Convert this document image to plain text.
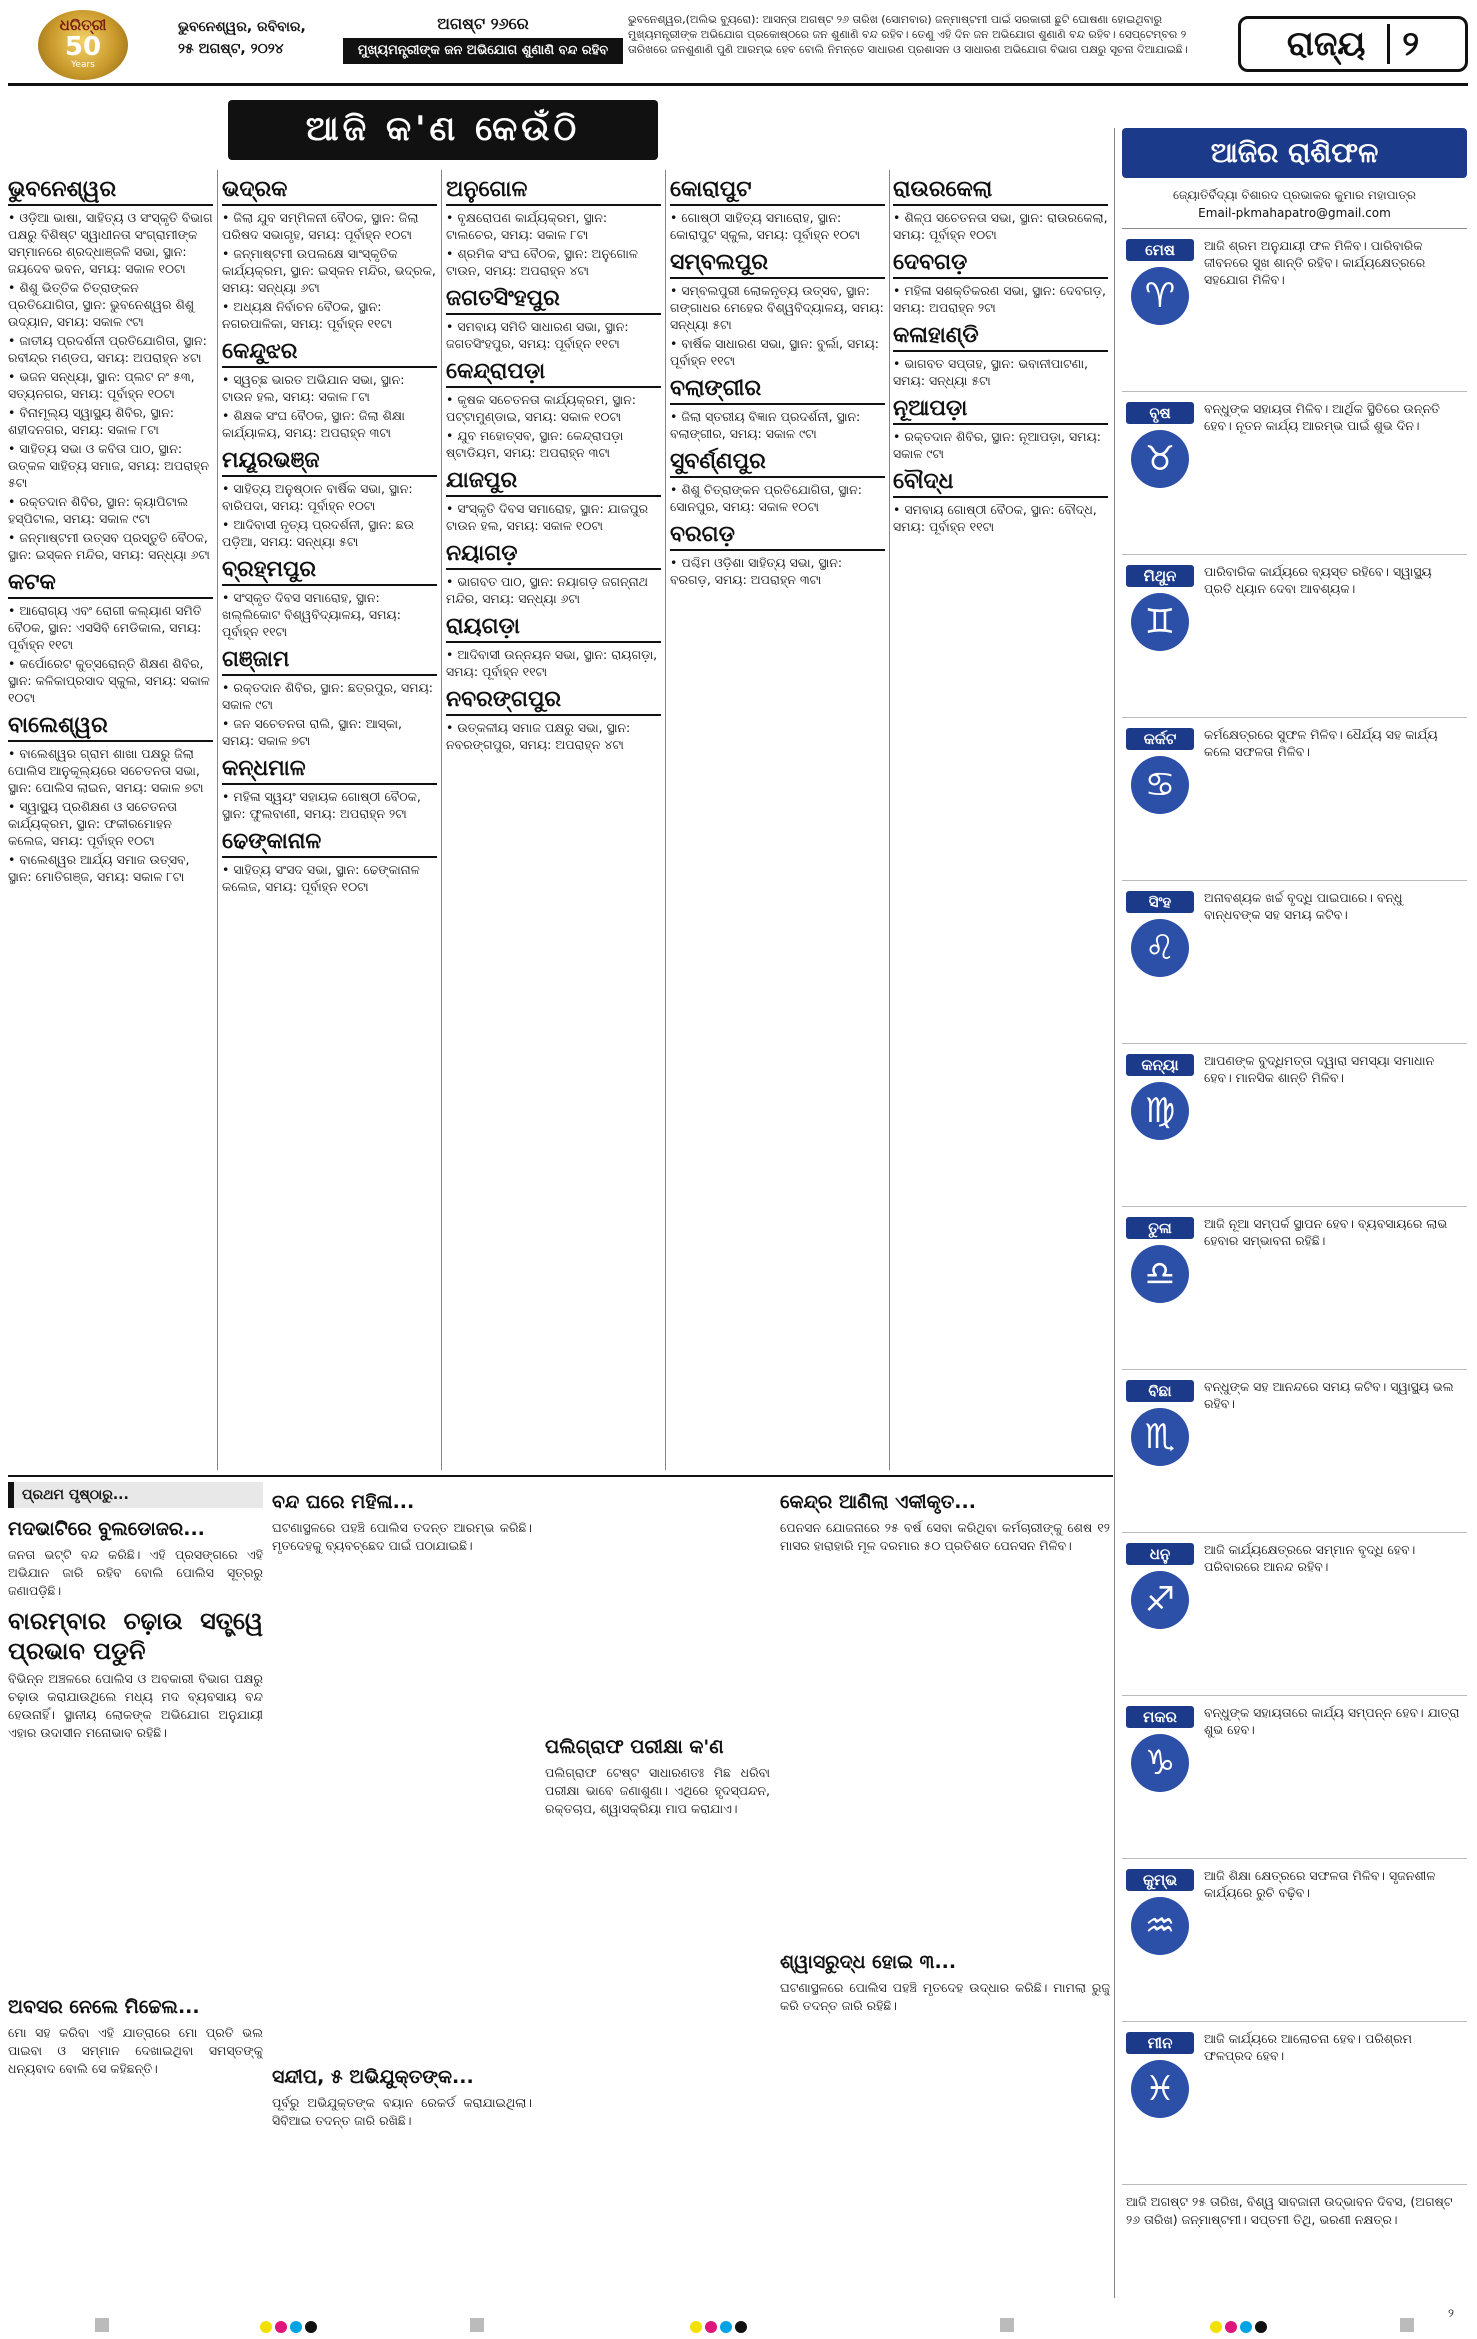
ଧରିତ୍ରୀ
50
Years
ଭୁବନେଶ୍ୱର, ରବିବାର,
୨୫ ଅଗଷ୍ଟ, ୨୦୨୪
ଅଗଷ୍ଟ ୨୬ରେ
ମୁଖ୍ୟମନ୍ତ୍ରୀଙ୍କ ଜନ ଅଭିଯୋଗ ଶୁଣାଣି ବନ୍ଦ ରହିବ
ଭୁବନେଶ୍ୱର,(ଅଲିଭ ବ୍ୟୁରୋ): ଆସନ୍ତା ଅଗଷ୍ଟ ୨୬ ତାରିଖ (ସୋମବାର) ଜନ୍ମାଷ୍ଟମୀ ପାଇଁ ସରକାରୀ ଛୁଟି ଘୋଷଣା ହୋଇଥିବାରୁ ମୁଖ୍ୟମନ୍ତ୍ରୀଙ୍କ ଅଭିଯୋଗ ପ୍ରକୋଷ୍ଠରେ ଜନ ଶୁଣାଣି ବନ୍ଦ ରହିବ। ତେଣୁ ଏହି ଦିନ ଜନ ଅଭିଯୋଗ ଶୁଣାଣି ବନ୍ଦ ରହିବ। ସେପ୍ଟେମ୍ବର ୨ ତାରିଖରେ ଜନଶୁଣାଣି ପୁଣି ଆରମ୍ଭ ହେବ ବୋଲି ନିମନ୍ତେ ସାଧାରଣ ପ୍ରଶାସନ ଓ ସାଧାରଣ ଅଭିଯୋଗ ବିଭାଗ ପକ୍ଷରୁ ସୂଚନା ଦିଆଯାଇଛି।	ରାଜ୍ୟ ୨
ଆଜି କ'ଣ କେଉଁଠି
ଭୁବନେଶ୍ୱର

• ଓଡ଼ିଆ ଭାଷା, ସାହିତ୍ୟ ଓ ସଂସ୍କୃତି ବିଭାଗ ପକ୍ଷରୁ ବିଶିଷ୍ଟ ସ୍ୱାଧୀନତା ସଂଗ୍ରାମୀଙ୍କ ସମ୍ମାନରେ ଶ୍ରଦ୍ଧାଞ୍ଜଳି ସଭା, ସ୍ଥାନ: ଜୟଦେବ ଭବନ, ସମୟ: ସକାଳ ୧୦ଟା

• ଶିଶୁ ଭିତ୍ତିକ ଚିତ୍ରାଙ୍କନ ପ୍ରତିଯୋଗିତା, ସ୍ଥାନ: ଭୁବନେଶ୍ୱର ଶିଶୁ ଉଦ୍ୟାନ, ସମୟ: ସକାଳ ୯ଟା

• ଜାତୀୟ ପ୍ରଦର୍ଶନୀ ପ୍ରତିଯୋଗିତା, ସ୍ଥାନ: ରବୀନ୍ଦ୍ର ମଣ୍ଡପ, ସମୟ: ଅପରାହ୍ନ ୪ଟା

• ଭଜନ ସନ୍ଧ୍ୟା, ସ୍ଥାନ: ପ୍ଲଟ ନଂ ୫୩, ସତ୍ୟନଗର, ସମୟ: ପୂର୍ବାହ୍ନ ୧୦ଟା

• ବିନାମୂଲ୍ୟ ସ୍ୱାସ୍ଥ୍ୟ ଶିବିର, ସ୍ଥାନ: ଶହୀଦନଗର, ସମୟ: ସକାଳ ୮ଟା

• ସାହିତ୍ୟ ସଭା ଓ କବିତା ପାଠ, ସ୍ଥାନ: ଉତ୍କଳ ସାହିତ୍ୟ ସମାଜ, ସମୟ: ଅପରାହ୍ନ ୫ଟା

• ରକ୍ତଦାନ ଶିବିର, ସ୍ଥାନ: କ୍ୟାପିଟାଲ ହସ୍ପିଟାଲ, ସମୟ: ସକାଳ ୯ଟା

• ଜନ୍ମାଷ୍ଟମୀ ଉତ୍ସବ ପ୍ରସ୍ତୁତି ବୈଠକ, ସ୍ଥାନ: ଇସ୍କନ ମନ୍ଦିର, ସମୟ: ସନ୍ଧ୍ୟା ୬ଟା

କଟକ

• ଆରୋଗ୍ୟ ଏବଂ ରୋଗୀ କଲ୍ୟାଣ ସମିତି ବୈଠକ, ସ୍ଥାନ: ଏସସିବି ମେଡିକାଲ, ସମୟ: ପୂର୍ବାହ୍ନ ୧୧ଟା

• କର୍ପୋରେଟ କୁତ୍ସରୋନ୍ତି ଶିକ୍ଷଣ ଶିବିର, ସ୍ଥାନ: କଳିକାପ୍ରସାଦ ସ୍କୁଲ, ସମୟ: ସକାଳ ୧୦ଟା

ବାଲେଶ୍ୱର

• ବାଲେଶ୍ୱର ଗ୍ରାମ ଶାଖା ପକ୍ଷରୁ ଜିଲା ପୋଲିସ ଆନୁକୂଲ୍ୟରେ ସଚେତନତା ସଭା, ସ୍ଥାନ: ପୋଲିସ ଲାଇନ, ସମୟ: ସକାଳ ୭ଟା

• ସ୍ୱାସ୍ଥ୍ୟ ପ୍ରଶିକ୍ଷଣ ଓ ସଚେତନତା କାର୍ଯ୍ୟକ୍ରମ, ସ୍ଥାନ: ଫକୀରମୋହନ କଲେଜ, ସମୟ: ପୂର୍ବାହ୍ନ ୧୦ଟା

• ବାଲେଶ୍ୱର ଆର୍ଯ୍ୟ ସମାଜ ଉତ୍ସବ, ସ୍ଥାନ: ମୋତିଗଞ୍ଜ, ସମୟ: ସକାଳ ୮ଟା

ଭଦ୍ରକ

• ଜିଲା ଯୁବ ସମ୍ମିଳନୀ ବୈଠକ, ସ୍ଥାନ: ଜିଲା ପରିଷଦ ସଭାଗୃହ, ସମୟ: ପୂର୍ବାହ୍ନ ୧୦ଟା

• ଜନ୍ମାଷ୍ଟମୀ ଉପଲକ୍ଷେ ସାଂସ୍କୃତିକ କାର୍ଯ୍ୟକ୍ରମ, ସ୍ଥାନ: ଇସ୍କନ ମନ୍ଦିର, ଭଦ୍ରକ, ସମୟ: ସନ୍ଧ୍ୟା ୬ଟା

• ଅଧ୍ୟକ୍ଷ ନିର୍ବାଚନ ବୈଠକ, ସ୍ଥାନ: ନଗରପାଳିକା, ସମୟ: ପୂର୍ବାହ୍ନ ୧୧ଟା

କେନ୍ଦୁଝର

• ସ୍ୱଚ୍ଛ ଭାରତ ଅଭିଯାନ ସଭା, ସ୍ଥାନ: ଟାଉନ ହଲ, ସମୟ: ସକାଳ ୮ଟା

• ଶିକ୍ଷକ ସଂଘ ବୈଠକ, ସ୍ଥାନ: ଜିଲା ଶିକ୍ଷା କାର୍ଯ୍ୟାଳୟ, ସମୟ: ଅପରାହ୍ନ ୩ଟା

ମୟୂରଭଞ୍ଜ

• ସାହିତ୍ୟ ଅନୁଷ୍ଠାନ ବାର୍ଷିକ ସଭା, ସ୍ଥାନ: ବାରିପଦା, ସମୟ: ପୂର୍ବାହ୍ନ ୧୦ଟା

• ଆଦିବାସୀ ନୃତ୍ୟ ପ୍ରଦର୍ଶନୀ, ସ୍ଥାନ: ଛଉ ପଡ଼ିଆ, ସମୟ: ସନ୍ଧ୍ୟା ୫ଟା

ବ୍ରହ୍ମପୁର

• ସଂସ୍କୃତ ଦିବସ ସମାରୋହ, ସ୍ଥାନ: ଖଲ୍ଲିକୋଟ ବିଶ୍ୱବିଦ୍ୟାଳୟ, ସମୟ: ପୂର୍ବାହ୍ନ ୧୧ଟା

ଗଞ୍ଜାମ

• ରକ୍ତଦାନ ଶିବିର, ସ୍ଥାନ: ଛତ୍ରପୁର, ସମୟ: ସକାଳ ୯ଟା

• ଜନ ସଚେତନତା ରାଲି, ସ୍ଥାନ: ଆସ୍କା, ସମୟ: ସକାଳ ୭ଟା

କନ୍ଧମାଳ

• ମହିଳା ସ୍ୱୟଂ ସହାୟକ ଗୋଷ୍ଠୀ ବୈଠକ, ସ୍ଥାନ: ଫୁଲବାଣୀ, ସମୟ: ଅପରାହ୍ନ ୨ଟା

ଢେଙ୍କାନାଳ

• ସାହିତ୍ୟ ସଂସଦ ସଭା, ସ୍ଥାନ: ଢେଙ୍କାନାଳ କଲେଜ, ସମୟ: ପୂର୍ବାହ୍ନ ୧୦ଟା

ଅନୁଗୋଳ

• ବୃକ୍ଷରୋପଣ କାର୍ଯ୍ୟକ୍ରମ, ସ୍ଥାନ: ଟାଲଚେର, ସମୟ: ସକାଳ ୮ଟା

• ଶ୍ରମିକ ସଂଘ ବୈଠକ, ସ୍ଥାନ: ଅନୁଗୋଳ ଟାଉନ, ସମୟ: ଅପରାହ୍ନ ୪ଟା

ଜଗତସିଂହପୁର

• ସମବାୟ ସମିତି ସାଧାରଣ ସଭା, ସ୍ଥାନ: ଜଗତସିଂହପୁର, ସମୟ: ପୂର୍ବାହ୍ନ ୧୧ଟା

କେନ୍ଦ୍ରାପଡ଼ା

• କୃଷକ ସଚେତନତା କାର୍ଯ୍ୟକ୍ରମ, ସ୍ଥାନ: ପଟ୍ଟାମୁଣ୍ଡାଇ, ସମୟ: ସକାଳ ୧୦ଟା

• ଯୁବ ମହୋତ୍ସବ, ସ୍ଥାନ: କେନ୍ଦ୍ରାପଡ଼ା ଷ୍ଟାଡିୟମ, ସମୟ: ଅପରାହ୍ନ ୩ଟା

ଯାଜପୁର

• ସଂସ୍କୃତି ଦିବସ ସମାରୋହ, ସ୍ଥାନ: ଯାଜପୁର ଟାଉନ ହଲ, ସମୟ: ସକାଳ ୧୦ଟା

ନୟାଗଡ଼

• ଭାଗବତ ପାଠ, ସ୍ଥାନ: ନୟାଗଡ଼ ଜଗନ୍ନାଥ ମନ୍ଦିର, ସମୟ: ସନ୍ଧ୍ୟା ୬ଟା

ରାୟଗଡ଼ା

• ଆଦିବାସୀ ଉନ୍ନୟନ ସଭା, ସ୍ଥାନ: ରାୟଗଡ଼ା, ସମୟ: ପୂର୍ବାହ୍ନ ୧୧ଟା

ନବରଙ୍ଗପୁର

• ଉତ୍କଳୀୟ ସମାଜ ପକ୍ଷରୁ ସଭା, ସ୍ଥାନ: ନବରଙ୍ଗପୁର, ସମୟ: ଅପରାହ୍ନ ୪ଟା

କୋରାପୁଟ

• ଗୋଷ୍ଠୀ ସାହିତ୍ୟ ସମାରୋହ, ସ୍ଥାନ: କୋରାପୁଟ ସ୍କୁଲ, ସମୟ: ପୂର୍ବାହ୍ନ ୧୦ଟା

ସମ୍ବଲପୁର

• ସମ୍ବଲପୁରୀ ଲୋକନୃତ୍ୟ ଉତ୍ସବ, ସ୍ଥାନ: ଗଙ୍ଗାଧର ମେହେର ବିଶ୍ୱବିଦ୍ୟାଳୟ, ସମୟ: ସନ୍ଧ୍ୟା ୫ଟା

• ବାର୍ଷିକ ସାଧାରଣ ସଭା, ସ୍ଥାନ: ବୁର୍ଲା, ସମୟ: ପୂର୍ବାହ୍ନ ୧୧ଟା

ବଲାଙ୍ଗୀର

• ଜିଲା ସ୍ତରୀୟ ବିଜ୍ଞାନ ପ୍ରଦର୍ଶନୀ, ସ୍ଥାନ: ବଲାଙ୍ଗୀର, ସମୟ: ସକାଳ ୯ଟା

ସୁବର୍ଣ୍ଣପୁର

• ଶିଶୁ ଚିତ୍ରାଙ୍କନ ପ୍ରତିଯୋଗିତା, ସ୍ଥାନ: ସୋନପୁର, ସମୟ: ସକାଳ ୧୦ଟା

ବରଗଡ଼

• ପଶ୍ଚିମ ଓଡ଼ିଶା ସାହିତ୍ୟ ସଭା, ସ୍ଥାନ: ବରଗଡ଼, ସମୟ: ଅପରାହ୍ନ ୩ଟା

ରାଉରକେଲା

• ଶିଳ୍ପ ସଚେତନତା ସଭା, ସ୍ଥାନ: ରାଉରକେଲା, ସମୟ: ପୂର୍ବାହ୍ନ ୧୦ଟା

ଦେବଗଡ଼

• ମହିଳା ସଶକ୍ତିକରଣ ସଭା, ସ୍ଥାନ: ଦେବଗଡ଼, ସମୟ: ଅପରାହ୍ନ ୨ଟା

କଳାହାଣ୍ଡି

• ଭାଗବତ ସପ୍ତାହ, ସ୍ଥାନ: ଭବାନୀପାଟଣା, ସମୟ: ସନ୍ଧ୍ୟା ୫ଟା

ନୂଆପଡ଼ା

• ରକ୍ତଦାନ ଶିବିର, ସ୍ଥାନ: ନୂଆପଡ଼ା, ସମୟ: ସକାଳ ୯ଟା

ବୌଦ୍ଧ

• ସମବାୟ ଗୋଷ୍ଠୀ ବୈଠକ, ସ୍ଥାନ: ବୌଦ୍ଧ, ସମୟ: ପୂର୍ବାହ୍ନ ୧୧ଟା

ଆଜିର ରାଶିଫଳ
ଜ୍ୟୋତିର୍ବିଦ୍ୟା ବିଶାରଦ ପ୍ରଭାକର କୁମାର ମହାପାତ୍ର
Email-pkmahapatro@gmail.com
ମେଷ
♈
ଆଜି ଶ୍ରମ ଅନୁଯାୟୀ ଫଳ ମିଳିବ। ପାରିବାରିକ ଜୀବନରେ ସୁଖ ଶାନ୍ତି ରହିବ। କାର୍ଯ୍ୟକ୍ଷେତ୍ରରେ ସହଯୋଗ ମିଳିବ।
ବୃଷ
♉
ବନ୍ଧୁଙ୍କ ସହାୟତା ମିଳିବ। ଆର୍ଥିକ ସ୍ଥିତିରେ ଉନ୍ନତି ହେବ। ନୂତନ କାର୍ଯ୍ୟ ଆରମ୍ଭ ପାଇଁ ଶୁଭ ଦିନ।
ମିଥୁନ
♊
ପାରିବାରିକ କାର୍ଯ୍ୟରେ ବ୍ୟସ୍ତ ରହିବେ। ସ୍ୱାସ୍ଥ୍ୟ ପ୍ରତି ଧ୍ୟାନ ଦେବା ଆବଶ୍ୟକ।
କର୍କଟ
♋
କର୍ମକ୍ଷେତ୍ରରେ ସୁଫଳ ମିଳିବ। ଧୈର୍ଯ୍ୟ ସହ କାର୍ଯ୍ୟ କଲେ ସଫଳତା ମିଳିବ।
ସିଂହ
♌
ଅନାବଶ୍ୟକ ଖର୍ଚ୍ଚ ବୃଦ୍ଧି ପାଇପାରେ। ବନ୍ଧୁ ବାନ୍ଧବଙ୍କ ସହ ସମୟ କଟିବ।
କନ୍ୟା
♍
ଆପଣଙ୍କ ବୁଦ୍ଧିମତ୍ତା ଦ୍ୱାରା ସମସ୍ୟା ସମାଧାନ ହେବ। ମାନସିକ ଶାନ୍ତି ମିଳିବ।
ତୁଳା
♎
ଆଜି ନୂଆ ସମ୍ପର୍କ ସ୍ଥାପନ ହେବ। ବ୍ୟବସାୟରେ ଲାଭ ହେବାର ସମ୍ଭାବନା ରହିଛି।
ବିଛା
♏
ବନ୍ଧୁଙ୍କ ସହ ଆନନ୍ଦରେ ସମୟ କଟିବ। ସ୍ୱାସ୍ଥ୍ୟ ଭଲ ରହିବ।
ଧନୁ
♐
ଆଜି କାର୍ଯ୍ୟକ୍ଷେତ୍ରରେ ସମ୍ମାନ ବୃଦ୍ଧି ହେବ। ପରିବାରରେ ଆନନ୍ଦ ରହିବ।
ମକର
♑
ବନ୍ଧୁଙ୍କ ସହାୟତାରେ କାର୍ଯ୍ୟ ସମ୍ପନ୍ନ ହେବ। ଯାତ୍ରା ଶୁଭ ହେବ।
କୁମ୍ଭ
♒
ଆଜି ଶିକ୍ଷା କ୍ଷେତ୍ରରେ ସଫଳତା ମିଳିବ। ସୃଜନଶୀଳ କାର୍ଯ୍ୟରେ ରୁଚି ବଢ଼ିବ।
ମୀନ
♓
ଆଜି କାର୍ଯ୍ୟରେ ଆଲୋଚନା ହେବ। ପରିଶ୍ରମ ଫଳପ୍ରଦ ହେବ।
ଆଜି ଅଗଷ୍ଟ ୨୫ ତାରିଖ, ବିଶ୍ୱ ସାବଜାନୀ ଉଦ୍ଭାବନ ଦିବସ, (ଅଗଷ୍ଟ ୨୬ ତାରିଖ) ଜନ୍ମାଷ୍ଟମୀ। ସପ୍ତମୀ ତିଥି, ଭରଣୀ ନକ୍ଷତ୍ର।
ପ୍ରଥମ ପୃଷ୍ଠାରୁ...
ମଦଭାଟିରେ ବୁଲଡୋଜର...

ଜନତା ଭଟ୍ଟି ବନ୍ଦ କରିଛି। ଏହି ପ୍ରସଙ୍ଗରେ ଏହି ଅଭିଯାନ ଜାରି ରହିବ ବୋଲି ପୋଲିସ ସୂତ୍ରରୁ ଜଣାପଡ଼ିଛି।

ବାରମ୍ବାର ଚଢ଼ାଉ ସତ୍ତ୍ୱେ ପ୍ରଭାବ ପଡୁନି

ବିଭିନ୍ନ ଅଞ୍ଚଳରେ ପୋଲିସ ଓ ଅବକାରୀ ବିଭାଗ ପକ୍ଷରୁ ଚଢ଼ାଉ କରାଯାଉଥିଲେ ମଧ୍ୟ ମଦ ବ୍ୟବସାୟ ବନ୍ଦ ହେଉନାହିଁ। ସ୍ଥାନୀୟ ଲୋକଙ୍କ ଅଭିଯୋଗ ଅନୁଯାୟୀ ଏହାର ଉଦାସୀନ ମନୋଭାବ ରହିଛି।

ଅବସର ନେଲେ ମିଚ୍ଚେଲ...

ମୋ ସହ କରିବା ଏହି ଯାତ୍ରାରେ ମୋ ପ୍ରତି ଭଲ ପାଇବା ଓ ସମ୍ମାନ ଦେଖାଇଥିବା ସମସ୍ତଙ୍କୁ ଧନ୍ୟବାଦ ବୋଲି ସେ କହିଛନ୍ତି।

ବନ୍ଦ ଘରେ ମହିଳା...

ଘଟଣାସ୍ଥଳରେ ପହଞ୍ଚି ପୋଲିସ ତଦନ୍ତ ଆରମ୍ଭ କରିଛି। ମୃତଦେହକୁ ବ୍ୟବଚ୍ଛେଦ ପାଇଁ ପଠାଯାଇଛି।

ସନ୍ଦୀପ, ୫ ଅଭିଯୁକ୍ତଙ୍କ...

ପୂର୍ବରୁ ଅଭିଯୁକ୍ତଙ୍କ ବୟାନ ରେକର୍ଡ କରାଯାଇଥିଲା। ସିବିଆଇ ତଦନ୍ତ ଜାରି ରଖିଛି।

କେନ୍ଦ୍ର ଆଣିଲା ଏକୀକୃତ...

ପେନସନ ଯୋଜନାରେ ୨୫ ବର୍ଷ ସେବା କରିଥିବା କର୍ମଚାରୀଙ୍କୁ ଶେଷ ୧୨ ମାସର ହାରାହାରି ମୂଳ ଦରମାର ୫୦ ପ୍ରତିଶତ ପେନସନ ମିଳିବ।

ପଲିଗ୍ରାଫ ପରୀକ୍ଷା କ'ଣ

ପଲିଗ୍ରାଫ ଟେଷ୍ଟ ସାଧାରଣତଃ ମିଛ ଧରିବା ପରୀକ୍ଷା ଭାବେ ଜଣାଶୁଣା। ଏଥିରେ ହୃଦସ୍ପନ୍ଦନ, ରକ୍ତଚାପ, ଶ୍ୱାସକ୍ରିୟା ମାପ କରାଯାଏ।

ଶ୍ୱାସରୁଦ୍ଧ ହୋଇ ୩...

ଘଟଣାସ୍ଥଳରେ ପୋଲିସ ପହଞ୍ଚି ମୃତଦେହ ଉଦ୍ଧାର କରିଛି। ମାମଲା ରୁଜୁ କରି ତଦନ୍ତ ଜାରି ରହିଛି।

୨
